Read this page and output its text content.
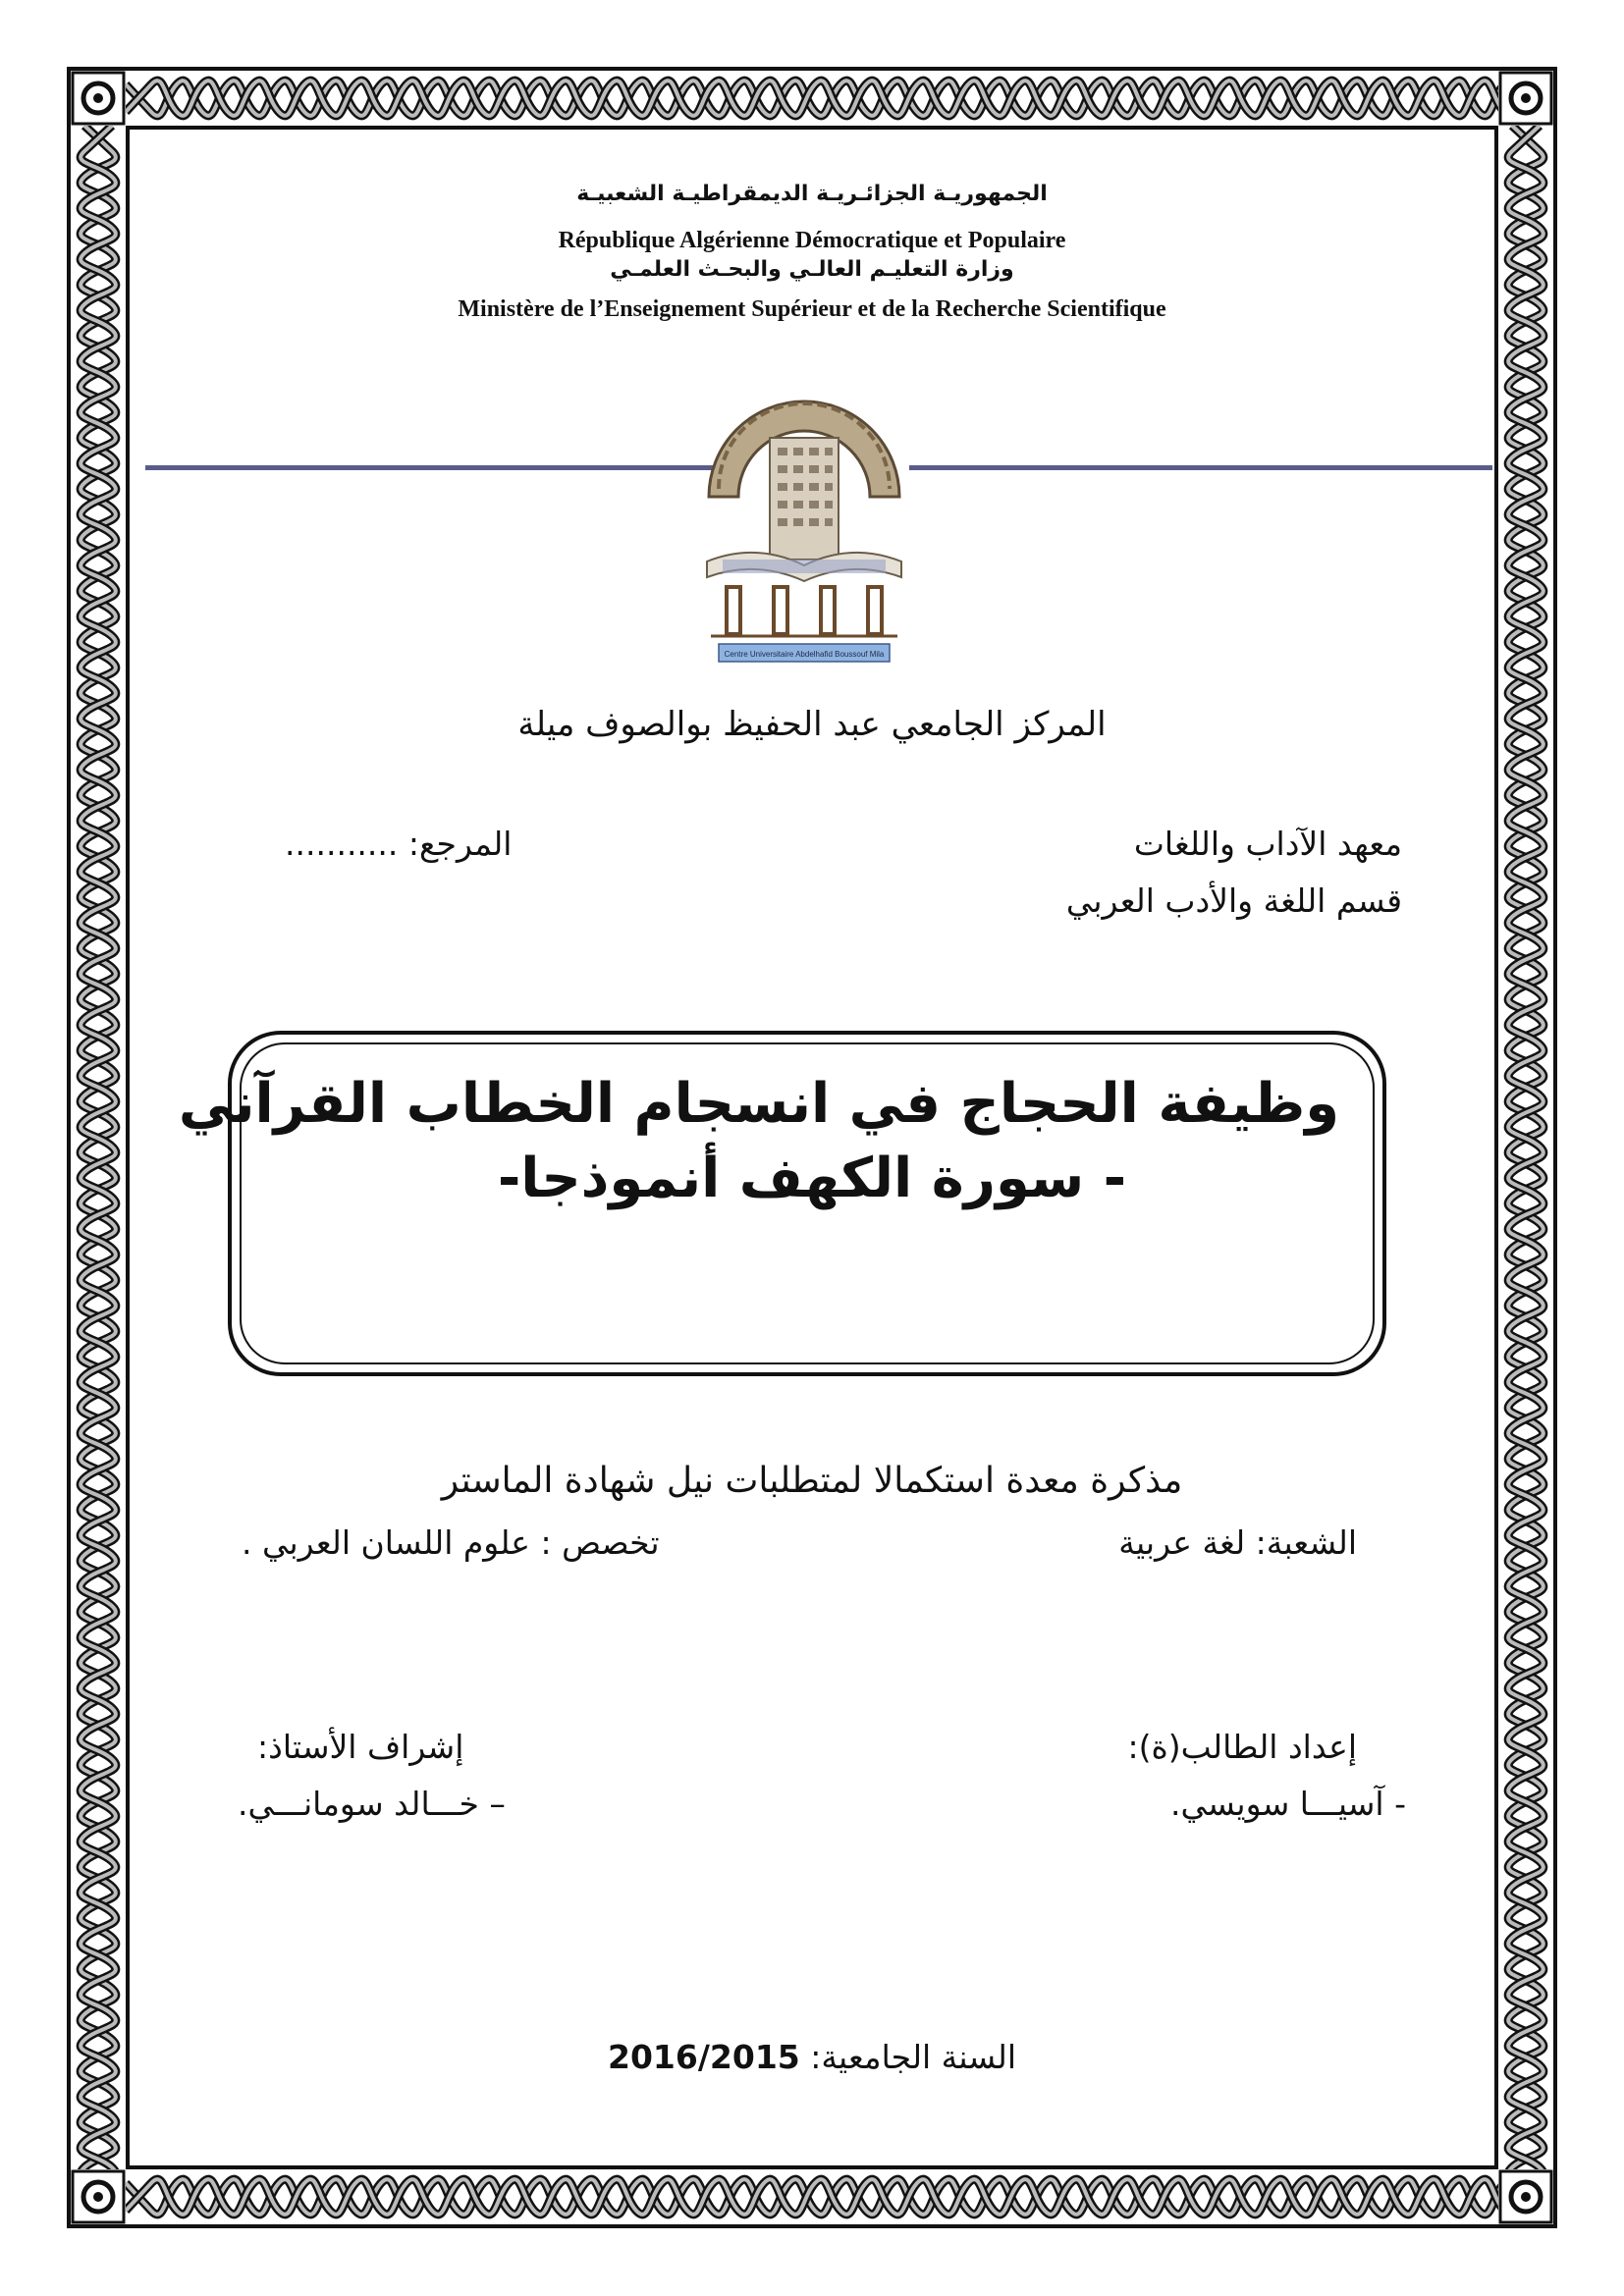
الجمهوريـة الجزائـريـة الديمقراطيـة الشعبيـة
République Algérienne Démocratique et Populaire
وزارة التعليـم العالـي والبحـث العلمـي
Ministère de l’Enseignement Supérieur et de la Recherche Scientifique
Centre Universitaire Abdelhafid Boussouf Mila
المركز الجامعي عبد الحفيظ بوالصوف ميلة
معهد الآداب واللغات
قسم اللغة والأدب العربي
المرجع: ...........
وظيفة الحجاج في انسجام الخطاب القرآني
- سورة الكهف أنموذجا-
مذكرة معدة استكمالا لمتطلبات نيل شهادة الماستر
الشعبة: لغة عربية
تخصص : علوم اللسان العربي .
إعداد الطالب(ة):
- آسيـــا سويسي.
إشراف الأستاذ:
– خـــالد سومانـــي.
السنة الجامعية: 2016/2015
